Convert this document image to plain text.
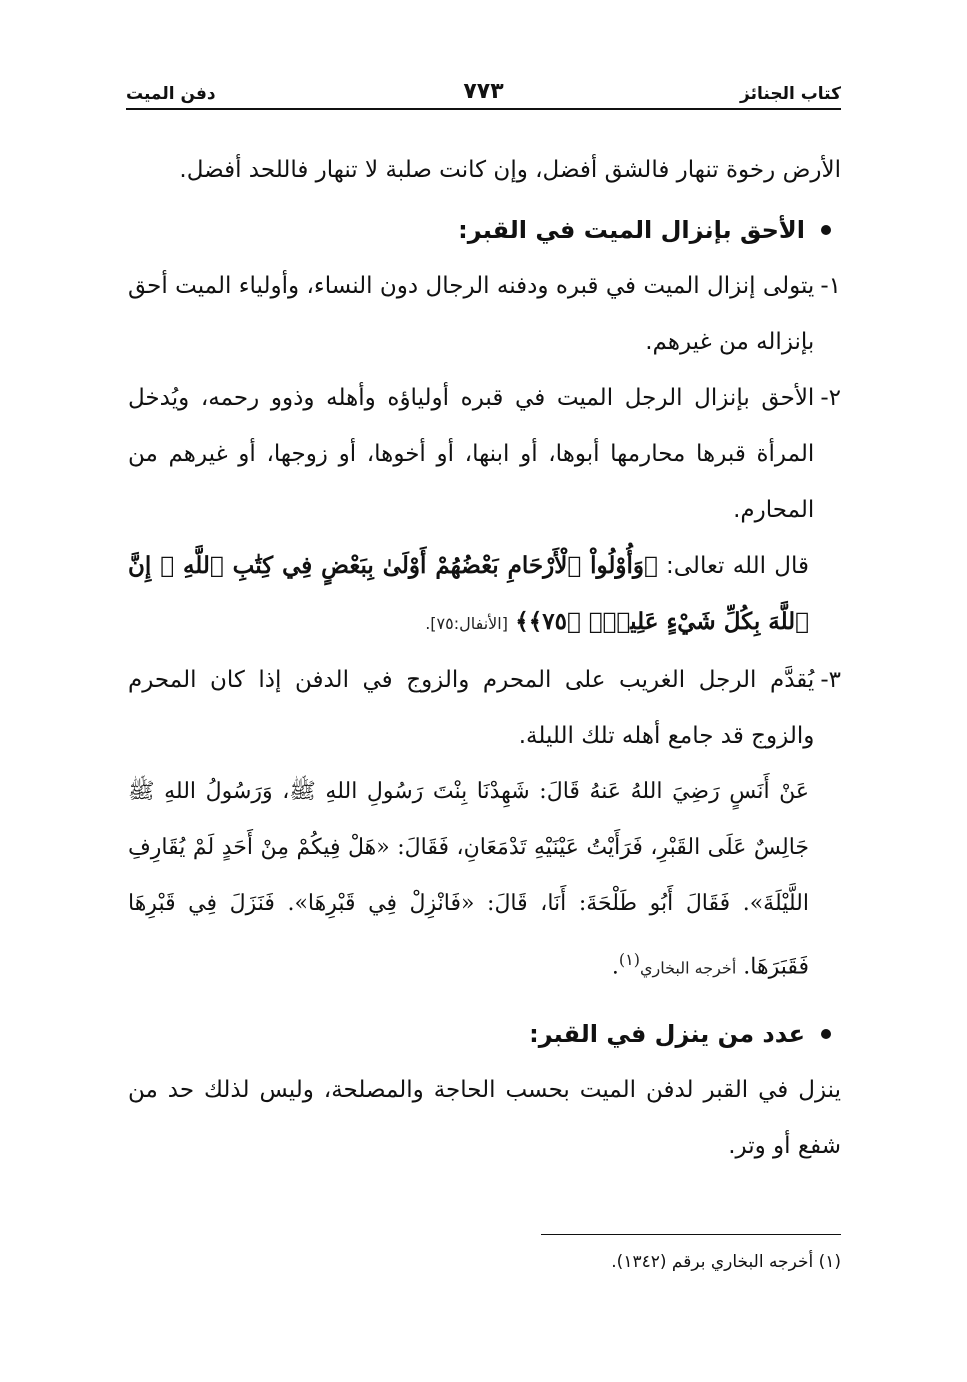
كتاب الجنائز
٧٧٣
دفن الميت

الأرض رخوة تنهار فالشق أفضل، وإن كانت صلبة لا تنهار فاللحد أفضل.

الأحق بإنزال الميت في القبر:
١-
يتولى إنزال الميت في قبره ودفنه الرجال دون النساء، وأولياء الميت أحق بإنزاله من غيرهم.
٢-
الأحق بإنزال الرجل الميت في قبره أولياؤه وأهله وذوو رحمه، ويُدخل المرأة قبرها محارمها أبوها، أو ابنها، أو أخوها، أو زوجها، أو غيرهم من المحارم.

قال الله تعالى: ﴿وَأُوْلُواْ ٱلْأَرْحَامِ بَعْضُهُمْ أَوْلَىٰ بِبَعْضٍ فِي كِتَٰبِ ٱللَّهِ ۗ إِنَّ ٱللَّهَ بِكُلِّ شَيْءٍ عَلِيمٌۢ ﴿٧٥﴾﴾ [الأنفال:٧٥].

٣-
يُقدَّم الرجل الغريب على المحرم والزوج في الدفن إذا كان المحرم والزوج قد جامع أهله تلك الليلة.

عَنْ أَنَسٍ رَضِيَ اللهُ عَنهُ قَالَ: شَهِدْنَا بِنْتَ رَسُولِ اللهِ ﷺ، وَرَسُولُ اللهِ ﷺ جَالِسٌ عَلَى القَبْرِ، فَرَأَيْتُ عَيْنَيْهِ تَدْمَعَانِ، فَقَالَ: «هَلْ فِيكُمْ مِنْ أَحَدٍ لَمْ يُقَارِفِ اللَّيْلَةَ». فَقَالَ أَبُو طَلْحَةَ: أَنَا، قَالَ: «فَانْزِلْ فِي قَبْرِهَا». فَنَزَلَ فِي قَبْرِهَا فَقَبَرَهَا. أخرجه البخاري$^{(١)}$.

عدد من ينزل في القبر:

ينزل في القبر لدفن الميت بحسب الحاجة والمصلحة، وليس لذلك حد من شفع أو وتر.

(١) أخرجه البخاري برقم (١٣٤٢).
